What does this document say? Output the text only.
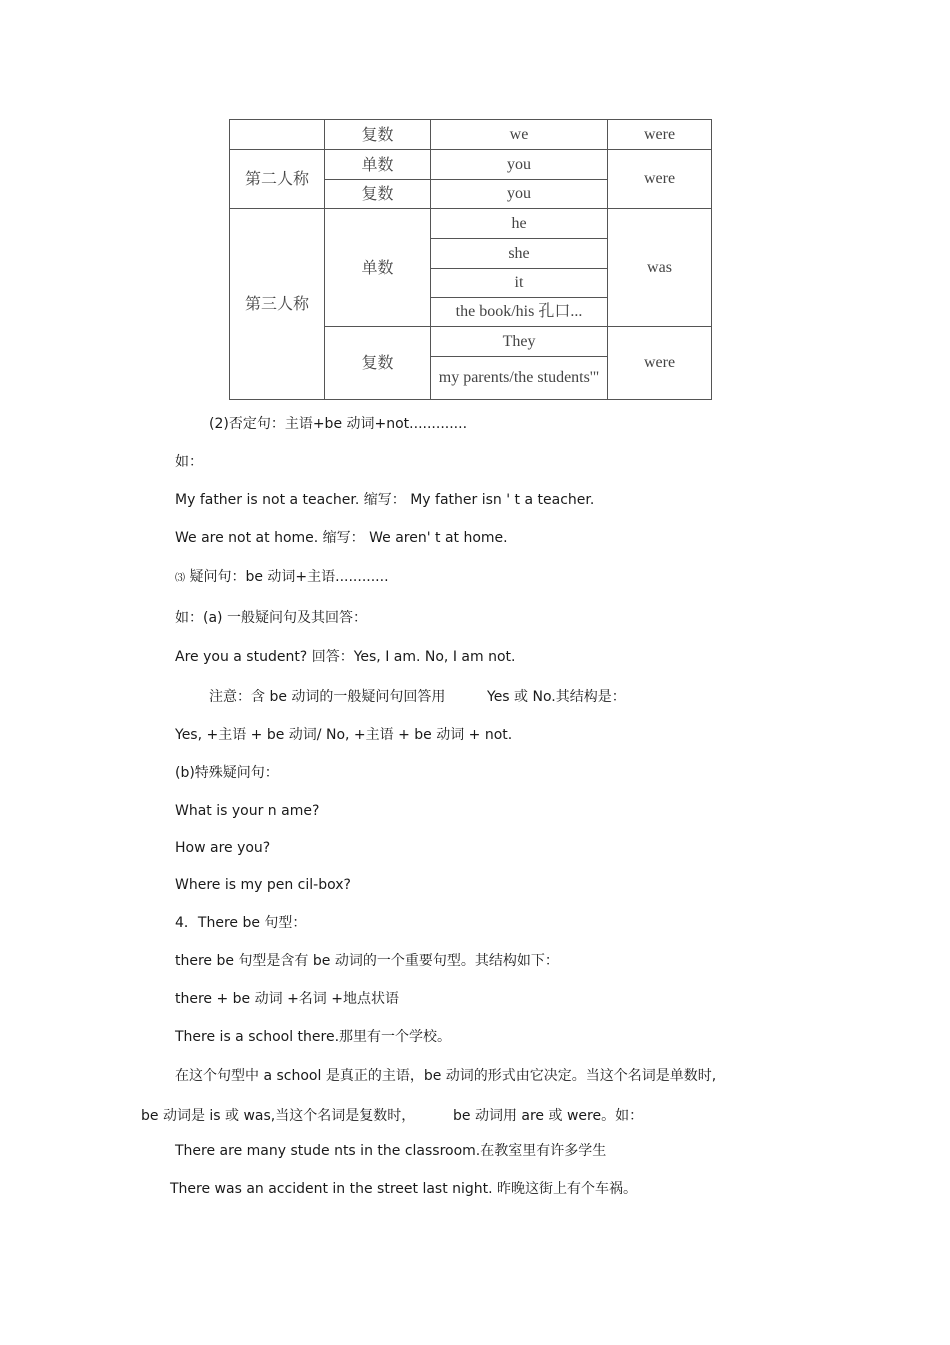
	复数	we	were
第二人称	单数	you	were
	复数	you	
第三人称	单数	he	was
		she	
		it	
		the book/his 孔口...	
	复数	They	were
		my parents/the students'"	
(2)否定句：主语+be 动词+not.............
如：
My father is not a teacher. 缩写： My father isn ' t a teacher.
We are not at home. 缩写： We aren' t at home.
⑶ 疑问句：be 动词+主语............
如：(a) 一般疑问句及其回答：
Are you a student? 回答：Yes, I am. No, I am not.
注意：含 be 动词的一般疑问句回答用	Yes 或 No.其结构是：
Yes, +主语 + be 动词/ No, +主语 + be 动词 + not.
(b)特殊疑问句：
What is your n ame?
How are you?
Where is my pen cil-box?
4．There be 句型：
there be 句型是含有 be 动词的一个重要句型。其结构如下：
there + be 动词 +名词 +地点状语
There is a school there.那里有一个学校。
在这个句型中 a school 是真正的主语，be 动词的形式由它决定。当这个名词是单数时,
be 动词是 is 或 was,当这个名词是复数时，	be 动词用 are 或 were。如：
There are many stude nts in the classroom.在教室里有许多学生
There was an accident in the street last night. 昨晚这街上有个车祸。
